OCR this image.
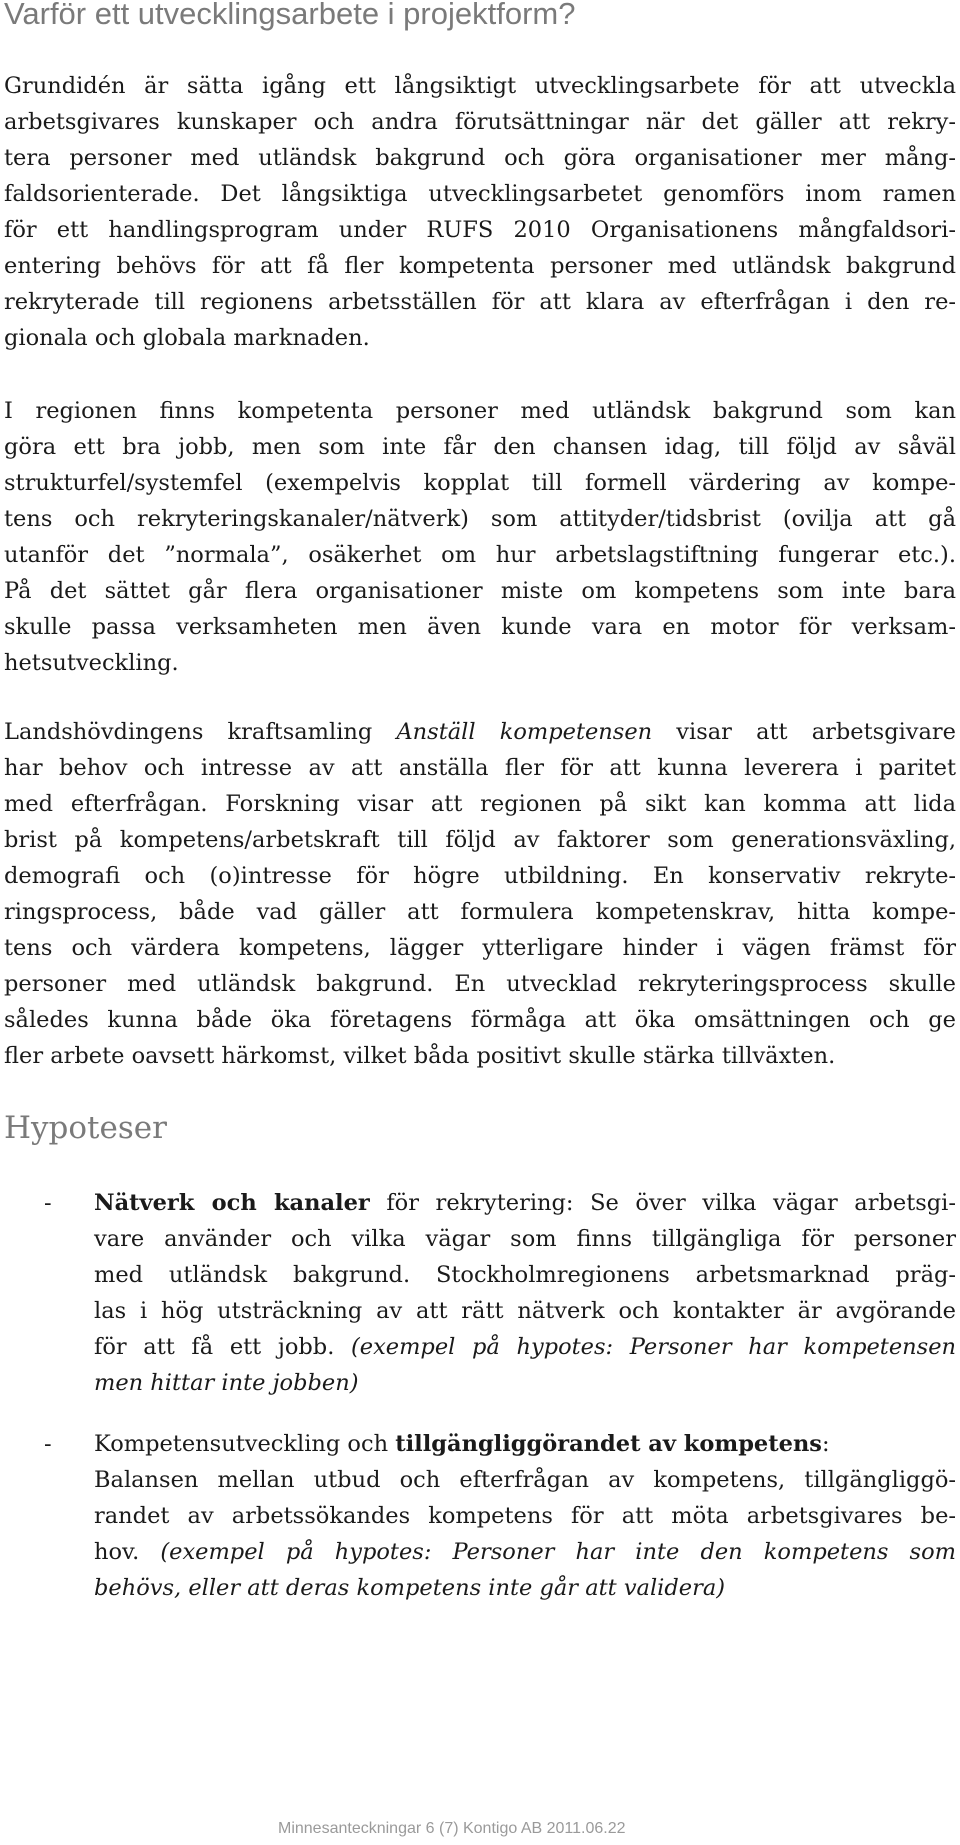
Varför ett utvecklingsarbete i projektform?
Grundidén är sätta igång ett långsiktigt utvecklingsarbete för att utveckla
arbetsgivares kunskaper och andra förutsättningar när det gäller att rekry-
tera personer med utländsk bakgrund och göra organisationer mer mång-
faldsorienterade. Det långsiktiga utvecklingsarbetet genomförs inom ramen
för ett handlingsprogram under RUFS 2010 Organisationens mångfaldsori-
entering behövs för att få fler kompetenta personer med utländsk bakgrund
rekryterade till regionens arbetsställen för att klara av efterfrågan i den re-
gionala och globala marknaden.
I regionen finns kompetenta personer med utländsk bakgrund som kan
göra ett bra jobb, men som inte får den chansen idag, till följd av såväl
strukturfel/systemfel (exempelvis kopplat till formell värdering av kompe-
tens och rekryteringskanaler/nätverk) som attityder/tidsbrist (ovilja att gå
utanför det ”normala”, osäkerhet om hur arbetslagstiftning fungerar etc.).
På det sättet går flera organisationer miste om kompetens som inte bara
skulle passa verksamheten men även kunde vara en motor för verksam-
hetsutveckling.
Landshövdingens kraftsamling Anställ kompetensen visar att arbetsgivare
har behov och intresse av att anställa fler för att kunna leverera i paritet
med efterfrågan. Forskning visar att regionen på sikt kan komma att lida
brist på kompetens/arbetskraft till följd av faktorer som generationsväxling,
demografi och (o)intresse för högre utbildning. En konservativ rekryte-
ringsprocess, både vad gäller att formulera kompetenskrav, hitta kompe-
tens och värdera kompetens, lägger ytterligare hinder i vägen främst för
personer med utländsk bakgrund. En utvecklad rekryteringsprocess skulle
således kunna både öka företagens förmåga att öka omsättningen och ge
fler arbete oavsett härkomst, vilket båda positivt skulle stärka tillväxten.
Hypoteser
- Nätverk och kanaler för rekrytering: Se över vilka vägar arbetsgi-
vare använder och vilka vägar som finns tillgängliga för personer
med utländsk bakgrund. Stockholmregionens arbetsmarknad präg-
las i hög utsträckning av att rätt nätverk och kontakter är avgörande
för att få ett jobb. (exempel på hypotes: Personer har kompetensen
men hittar inte jobben)
- Kompetensutveckling och tillgängliggörandet av kompetens:
Balansen mellan utbud och efterfrågan av kompetens, tillgängliggö-
randet av arbetssökandes kompetens för att möta arbetsgivares be-
hov. (exempel på hypotes: Personer har inte den kompetens som
behövs, eller att deras kompetens inte går att validera)
Minnesanteckningar 6 (7) Kontigo AB 2011.06.22
